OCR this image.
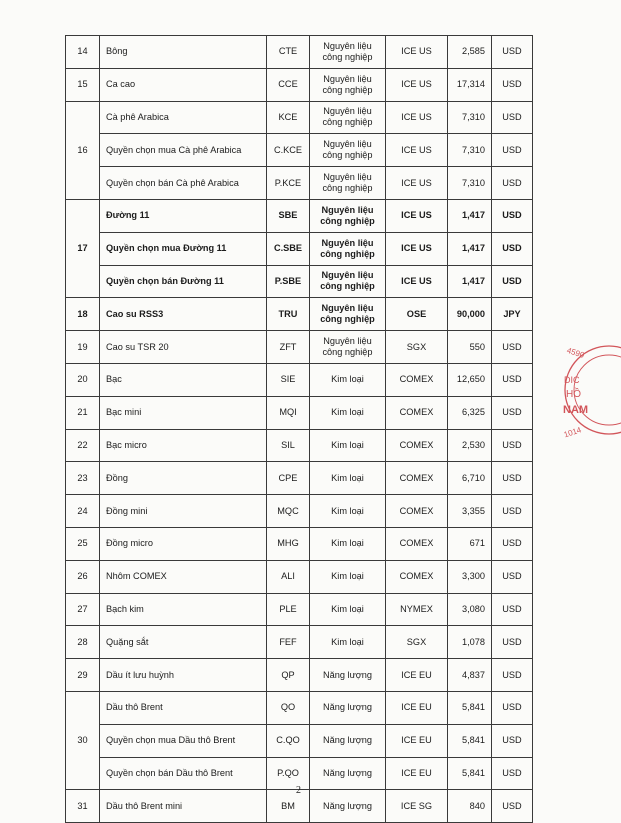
14	Bông	CTE	Nguyên liệu công nghiệp	ICE US	2,585	USD
15	Ca cao	CCE	Nguyên liệu công nghiệp	ICE US	17,314	USD
16	Cà phê Arabica	KCE	Nguyên liệu công nghiệp	ICE US	7,310	USD
	Quyền chọn mua Cà phê Arabica	C.KCE	Nguyên liệu công nghiệp	ICE US	7,310	USD
	Quyền chọn bán Cà phê Arabica	P.KCE	Nguyên liệu công nghiệp	ICE US	7,310	USD
17	Đường 11	SBE	Nguyên liệu công nghiệp	ICE US	1,417	USD
	Quyền chọn mua Đường 11	C.SBE	Nguyên liệu công nghiệp	ICE US	1,417	USD
	Quyền chọn bán Đường 11	P.SBE	Nguyên liệu công nghiệp	ICE US	1,417	USD
18	Cao su RSS3	TRU	Nguyên liệu công nghiệp	OSE	90,000	JPY
19	Cao su TSR 20	ZFT	Nguyên liệu công nghiệp	SGX	550	USD
20	Bạc	SIE	Kim loại	COMEX	12,650	USD
21	Bạc mini	MQI	Kim loại	COMEX	6,325	USD
22	Bạc micro	SIL	Kim loại	COMEX	2,530	USD
23	Đồng	CPE	Kim loại	COMEX	6,710	USD
24	Đồng mini	MQC	Kim loại	COMEX	3,355	USD
25	Đồng micro	MHG	Kim loại	COMEX	671	USD
26	Nhôm COMEX	ALI	Kim loại	COMEX	3,300	USD
27	Bạch kim	PLE	Kim loại	NYMEX	3,080	USD
28	Quặng sắt	FEF	Kim loại	SGX	1,078	USD
29	Dầu ít lưu huỳnh	QP	Năng lượng	ICE EU	4,837	USD
30	Dầu thô Brent	QO	Năng lượng	ICE EU	5,841	USD
	Quyền chọn mua Dầu thô Brent	C.QO	Năng lượng	ICE EU	5,841	USD
	Quyền chọn bán Dầu thô Brent	P.QO	Năng lượng	ICE EU	5,841	USD
31	Dầu thô Brent mini	BM	Năng lượng	ICE SG	840	USD
2
4590
DIC
HỒ
NAM
1014
